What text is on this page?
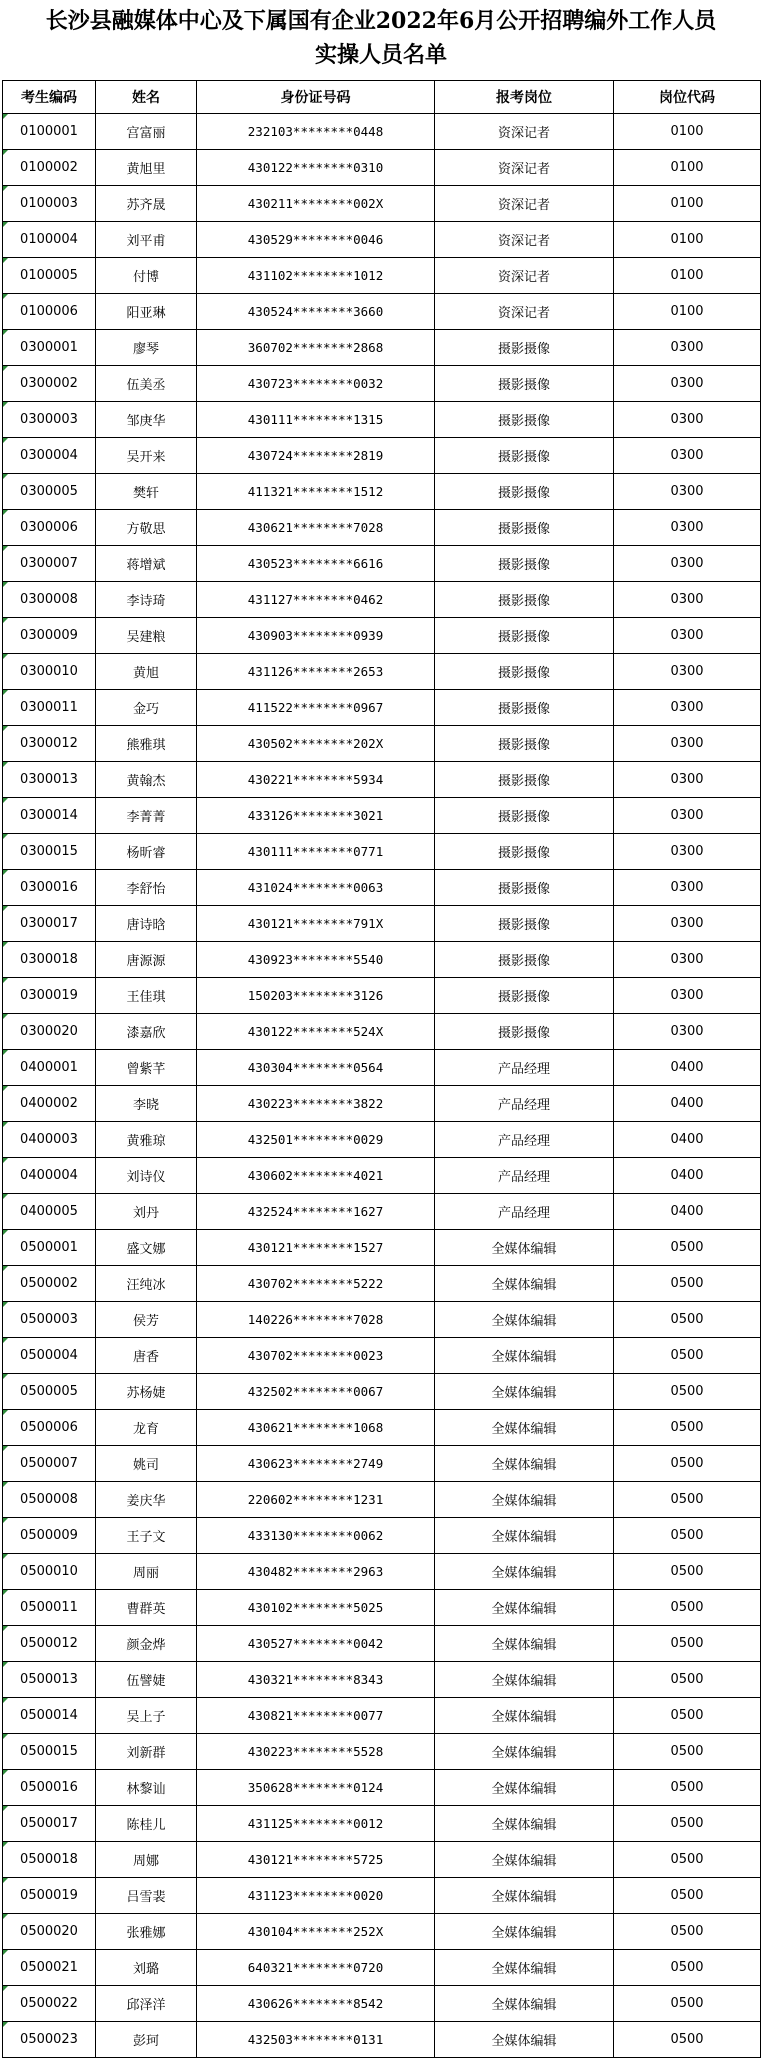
长沙县融媒体中心及下属国有企业2022年6月公开招聘编外工作人员
实操人员名单
考生编码	姓名	身份证号码	报考岗位	岗位代码
0100001	宫富丽	232103********0448	资深记者	0100
0100002	黄旭里	430122********0310	资深记者	0100
0100003	苏齐晟	430211********002X	资深记者	0100
0100004	刘平甫	430529********0046	资深记者	0100
0100005	付博	431102********1012	资深记者	0100
0100006	阳亚琳	430524********3660	资深记者	0100
0300001	廖琴	360702********2868	摄影摄像	0300
0300002	伍美丞	430723********0032	摄影摄像	0300
0300003	邹庚华	430111********1315	摄影摄像	0300
0300004	吴开来	430724********2819	摄影摄像	0300
0300005	樊轩	411321********1512	摄影摄像	0300
0300006	方敬思	430621********7028	摄影摄像	0300
0300007	蒋增斌	430523********6616	摄影摄像	0300
0300008	李诗琦	431127********0462	摄影摄像	0300
0300009	吴建粮	430903********0939	摄影摄像	0300
0300010	黄旭	431126********2653	摄影摄像	0300
0300011	金巧	411522********0967	摄影摄像	0300
0300012	熊雅琪	430502********202X	摄影摄像	0300
0300013	黄翰杰	430221********5934	摄影摄像	0300
0300014	李菁菁	433126********3021	摄影摄像	0300
0300015	杨昕睿	430111********0771	摄影摄像	0300
0300016	李舒怡	431024********0063	摄影摄像	0300
0300017	唐诗晗	430121********791X	摄影摄像	0300
0300018	唐源源	430923********5540	摄影摄像	0300
0300019	王佳琪	150203********3126	摄影摄像	0300
0300020	漆嘉欣	430122********524X	摄影摄像	0300
0400001	曾紫芊	430304********0564	产品经理	0400
0400002	李晓	430223********3822	产品经理	0400
0400003	黄雅琼	432501********0029	产品经理	0400
0400004	刘诗仪	430602********4021	产品经理	0400
0400005	刘丹	432524********1627	产品经理	0400
0500001	盛文娜	430121********1527	全媒体编辑	0500
0500002	汪纯冰	430702********5222	全媒体编辑	0500
0500003	侯芳	140226********7028	全媒体编辑	0500
0500004	唐香	430702********0023	全媒体编辑	0500
0500005	苏杨婕	432502********0067	全媒体编辑	0500
0500006	龙育	430621********1068	全媒体编辑	0500
0500007	姚司	430623********2749	全媒体编辑	0500
0500008	姜庆华	220602********1231	全媒体编辑	0500
0500009	王子文	433130********0062	全媒体编辑	0500
0500010	周丽	430482********2963	全媒体编辑	0500
0500011	曹群英	430102********5025	全媒体编辑	0500
0500012	颜金烨	430527********0042	全媒体编辑	0500
0500013	伍譬婕	430321********8343	全媒体编辑	0500
0500014	吴上子	430821********0077	全媒体编辑	0500
0500015	刘新群	430223********5528	全媒体编辑	0500
0500016	林黎讪	350628********0124	全媒体编辑	0500
0500017	陈桂儿	431125********0012	全媒体编辑	0500
0500018	周娜	430121********5725	全媒体编辑	0500
0500019	吕雪裴	431123********0020	全媒体编辑	0500
0500020	张雅娜	430104********252X	全媒体编辑	0500
0500021	刘璐	640321********0720	全媒体编辑	0500
0500022	邱泽洋	430626********8542	全媒体编辑	0500
0500023	彭珂	432503********0131	全媒体编辑	0500
